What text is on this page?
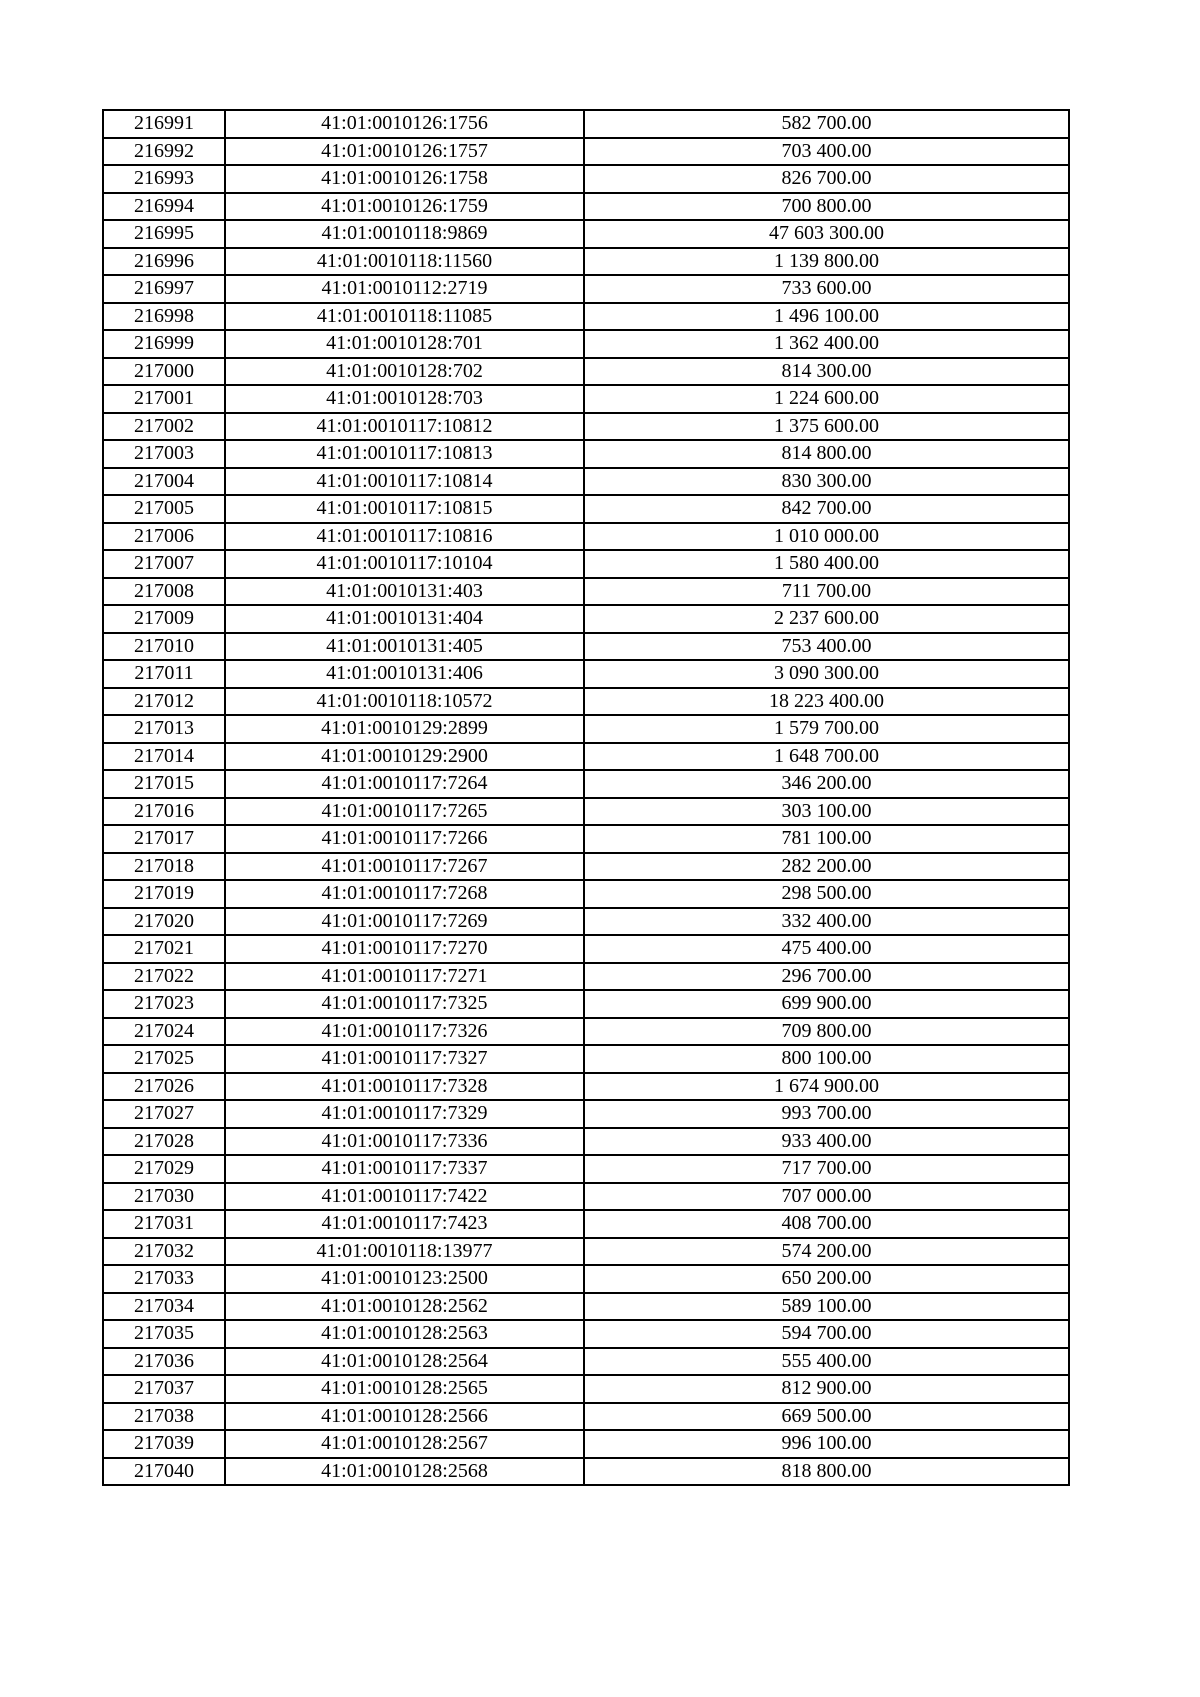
216991	41:01:0010126:1756	582 700.00
216992	41:01:0010126:1757	703 400.00
216993	41:01:0010126:1758	826 700.00
216994	41:01:0010126:1759	700 800.00
216995	41:01:0010118:9869	47 603 300.00
216996	41:01:0010118:11560	1 139 800.00
216997	41:01:0010112:2719	733 600.00
216998	41:01:0010118:11085	1 496 100.00
216999	41:01:0010128:701	1 362 400.00
217000	41:01:0010128:702	814 300.00
217001	41:01:0010128:703	1 224 600.00
217002	41:01:0010117:10812	1 375 600.00
217003	41:01:0010117:10813	814 800.00
217004	41:01:0010117:10814	830 300.00
217005	41:01:0010117:10815	842 700.00
217006	41:01:0010117:10816	1 010 000.00
217007	41:01:0010117:10104	1 580 400.00
217008	41:01:0010131:403	711 700.00
217009	41:01:0010131:404	2 237 600.00
217010	41:01:0010131:405	753 400.00
217011	41:01:0010131:406	3 090 300.00
217012	41:01:0010118:10572	18 223 400.00
217013	41:01:0010129:2899	1 579 700.00
217014	41:01:0010129:2900	1 648 700.00
217015	41:01:0010117:7264	346 200.00
217016	41:01:0010117:7265	303 100.00
217017	41:01:0010117:7266	781 100.00
217018	41:01:0010117:7267	282 200.00
217019	41:01:0010117:7268	298 500.00
217020	41:01:0010117:7269	332 400.00
217021	41:01:0010117:7270	475 400.00
217022	41:01:0010117:7271	296 700.00
217023	41:01:0010117:7325	699 900.00
217024	41:01:0010117:7326	709 800.00
217025	41:01:0010117:7327	800 100.00
217026	41:01:0010117:7328	1 674 900.00
217027	41:01:0010117:7329	993 700.00
217028	41:01:0010117:7336	933 400.00
217029	41:01:0010117:7337	717 700.00
217030	41:01:0010117:7422	707 000.00
217031	41:01:0010117:7423	408 700.00
217032	41:01:0010118:13977	574 200.00
217033	41:01:0010123:2500	650 200.00
217034	41:01:0010128:2562	589 100.00
217035	41:01:0010128:2563	594 700.00
217036	41:01:0010128:2564	555 400.00
217037	41:01:0010128:2565	812 900.00
217038	41:01:0010128:2566	669 500.00
217039	41:01:0010128:2567	996 100.00
217040	41:01:0010128:2568	818 800.00
